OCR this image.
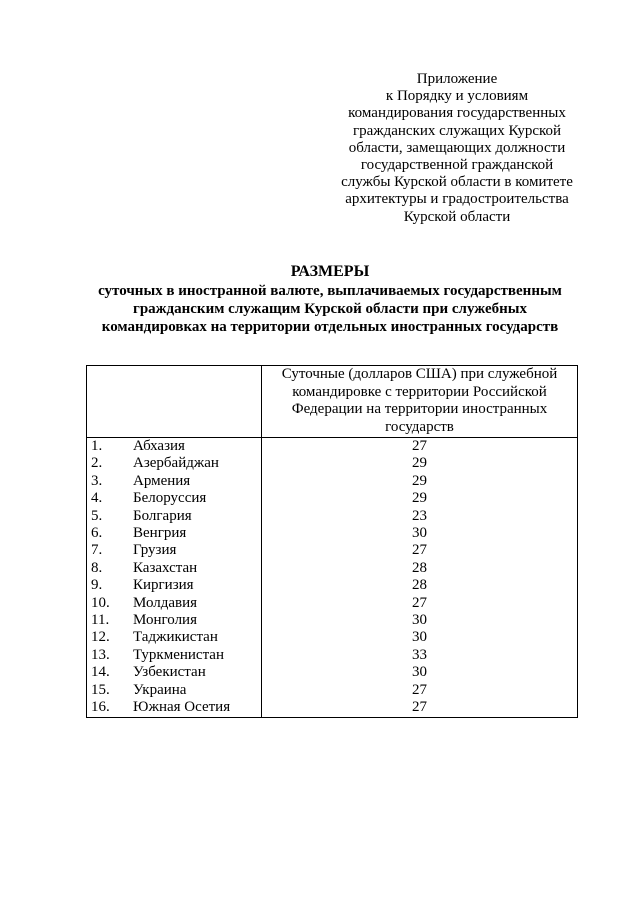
Приложение
к Порядку и условиям
командирования государственных
гражданских служащих Курской
области, замещающих должности
государственной гражданской
службы Курской области в комитете
архитектуры и градостроительства
Курской области
РАЗМЕРЫ
суточных в иностранной валюте, выплачиваемых государственным
гражданским служащим Курской области при служебных
командировках на территории отдельных иностранных государств
	Суточные (долларов США) при служебной командировке с территории Российской Федерации на территории иностранных государств

1. Абхазия	27

2. Азербайджан	29

3. Армения	29

4. Белоруссия	29

5. Болгария	23

6. Венгрия	30

7. Грузия	27

8. Казахстан	28

9. Киргизия	28

10. Молдавия	27

11. Монголия	30

12. Таджикистан	30

13. Туркменистан	33

14. Узбекистан	30

15. Украина	27

16. Южная Осетия	27
